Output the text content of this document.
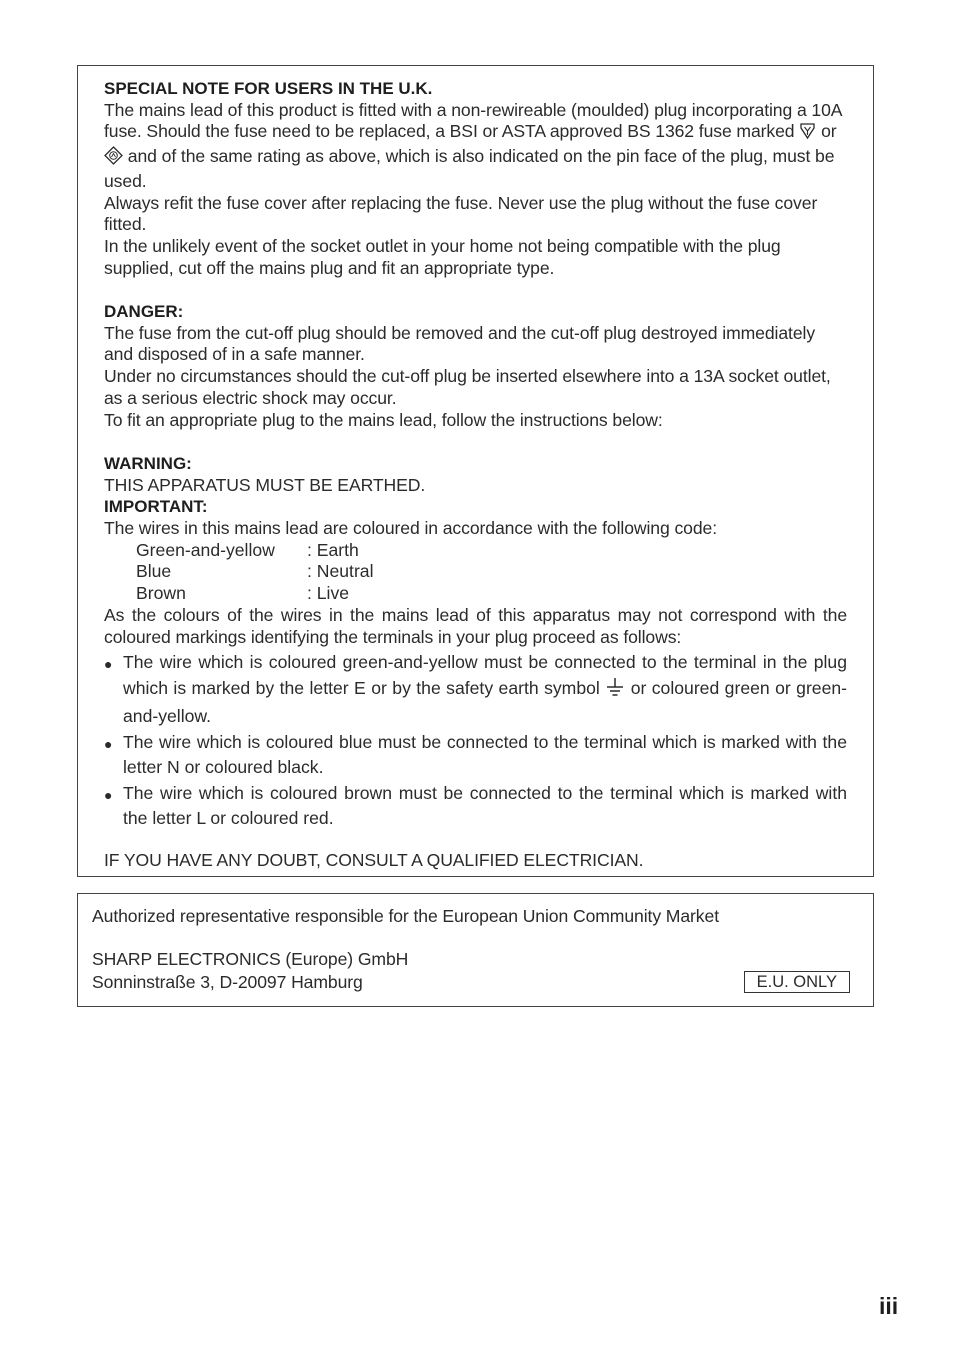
SPECIAL NOTE FOR USERS IN THE U.K.

The mains lead of this product is fitted with a non-rewireable (moulded) plug incorporating a 10A fuse. Should the fuse need to be replaced, a BSI or ASTA approved BS 1362 fuse marked or  and of the same rating as above, which is also indicated on the pin face of the plug, must be used.

Always refit the fuse cover after replacing the fuse. Never use the plug without the fuse cover fitted.

In the unlikely event of the socket outlet in your home not being compatible with the plug supplied, cut off the mains plug and fit an appropriate type.

DANGER:

The fuse from the cut-off plug should be removed and the cut-off plug destroyed immediately and disposed of in a safe manner.

Under no circumstances should the cut-off plug be inserted elsewhere into a 13A socket outlet, as a serious electric shock may occur.

To fit an appropriate plug to the mains lead, follow the instructions below:

WARNING:

THIS APPARATUS MUST BE EARTHED.

IMPORTANT:

The wires in this mains lead are coloured in accordance with the following code:

Green-and-yellow	: Earth
Blue	: Neutral
Brown	: Live

As the colours of the wires in the mains lead of this apparatus may not correspond with the coloured markings identifying the terminals in your plug proceed as follows:

● The wire which is coloured green-and-yellow must be connected to the terminal in the plug which is marked by the letter E or by the safety earth symbol or coloured green or green-and-yellow.
● The wire which is coloured blue must be connected to the terminal which is marked with the letter N or coloured black.
● The wire which is coloured brown must be connected to the terminal which is marked with the letter L or coloured red.

IF YOU HAVE ANY DOUBT, CONSULT A QUALIFIED ELECTRICIAN.

Authorized representative responsible for the European Union Community Market

SHARP ELECTRONICS (Europe) GmbH

Sonninstraße 3, D-20097 Hamburg	E.U. ONLY
iii
